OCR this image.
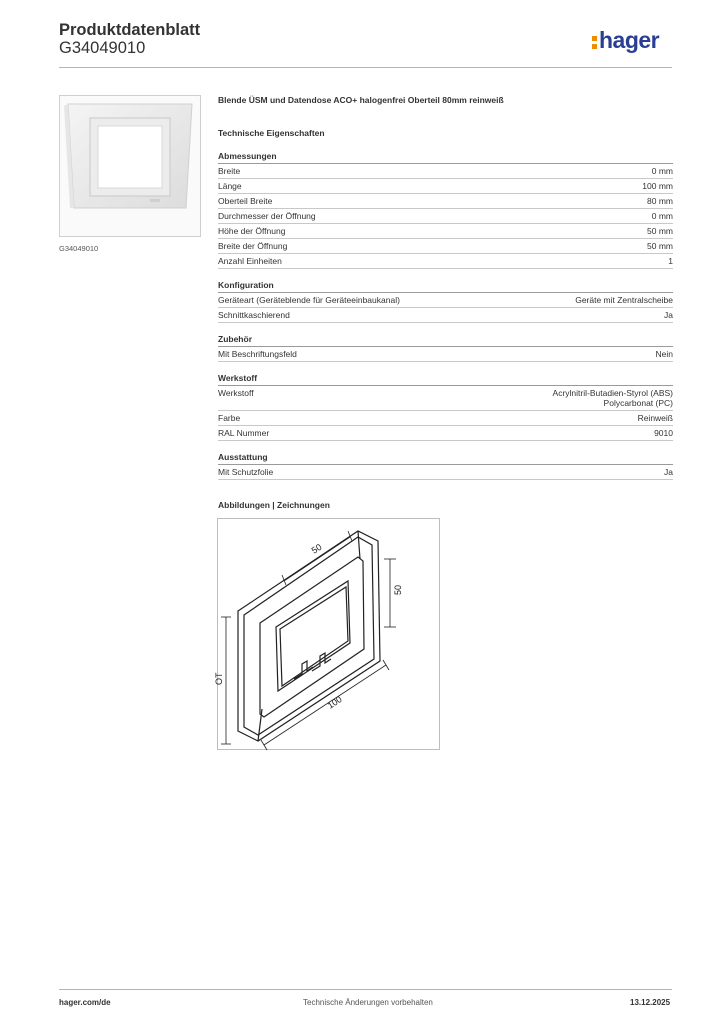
Produktdatenblatt
G34049010	hager
G34049010
Blende ÜSM und Datendose ACO+ halogenfrei Oberteil 80mm reinweiß
Technische Eigenschaften
Abmessungen
Breite	0 mm
Länge	100 mm
Oberteil Breite	80 mm
Durchmesser der Öffnung	0 mm
Höhe der Öffnung	50 mm
Breite der Öffnung	50 mm
Anzahl Einheiten	1
Konfiguration
Geräteart (Geräteblende für Geräteeinbaukanal)	Geräte mit Zentralscheibe
Schnittkaschierend	Ja
Zubehör
Mit Beschriftungsfeld	Nein
Werkstoff
Werkstoff	Acrylnitril-Butadien-Styrol (ABS)
Polycarbonat (PC)
Farbe	Reinweiß
RAL Nummer	9010
Ausstattung
Mit Schutzfolie	Ja
Abbildungen | Zeichnungen
50
50
100
OT
hager.com/de	Technische Änderungen vorbehalten	13.12.2025
